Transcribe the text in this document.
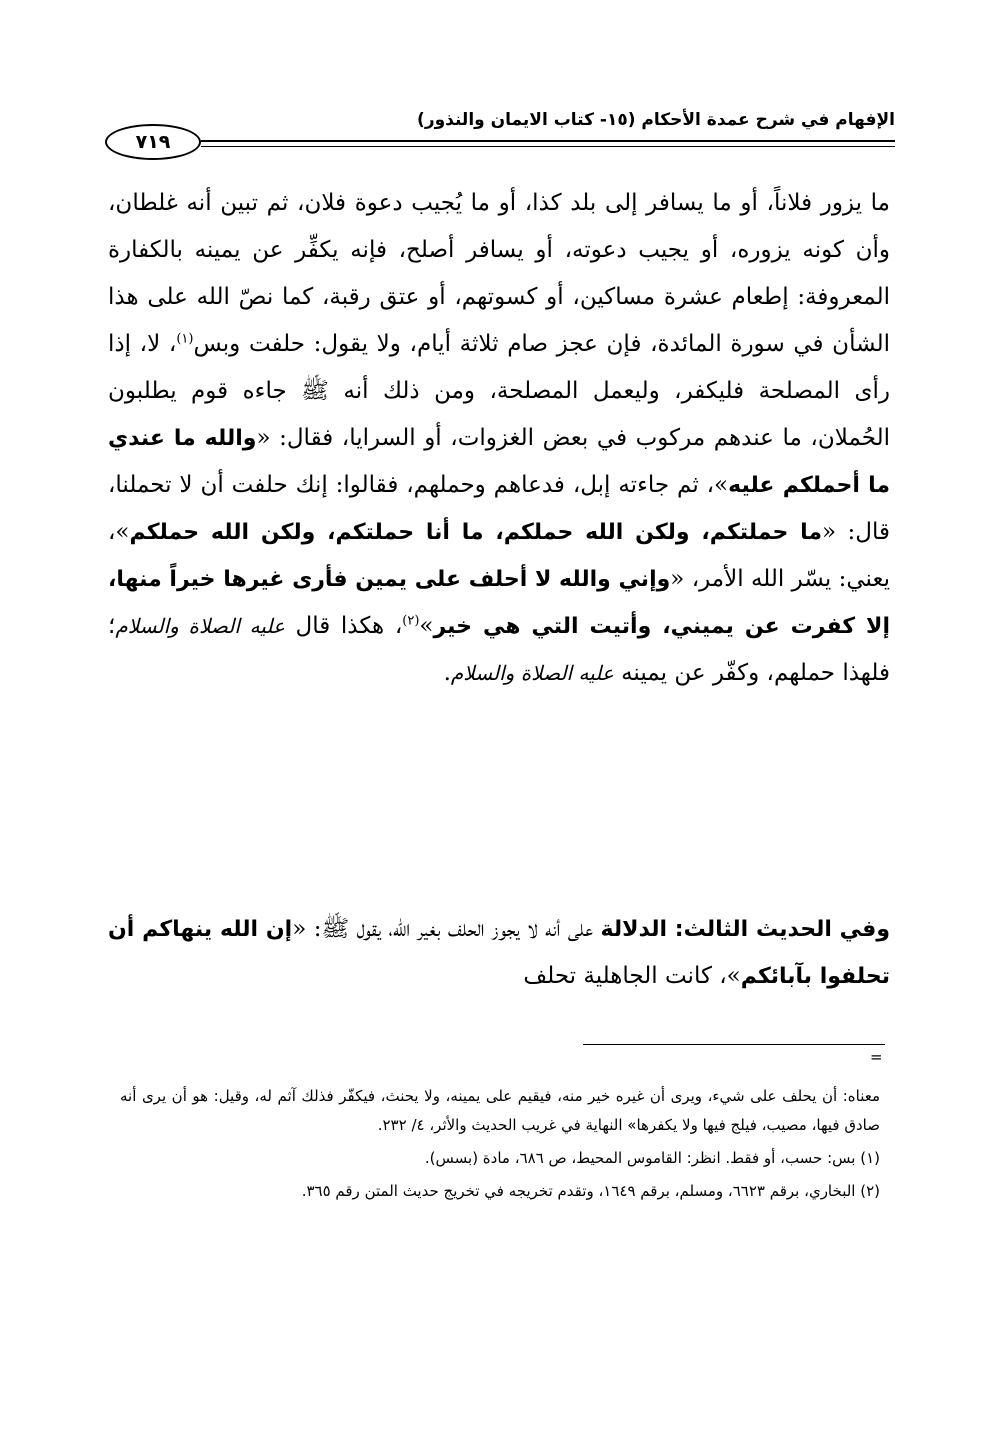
الإفهام في شرح عمدة الأحكام (١٥- كتاب الايمان والنذور)
٧١٩

ما يزور فلاناً، أو ما يسافر إلى بلد كذا، أو ما يُجيب دعوة فلان، ثم تبين أنه غلطان، وأن كونه يزوره، أو يجيب دعوته، أو يسافر أصلح، فإنه يكفِّر عن يمينه بالكفارة المعروفة: إطعام عشرة مساكين، أو كسوتهم، أو عتق رقبة، كما نصّ الله على هذا الشأن في سورة المائدة، فإن عجز صام ثلاثة أيام، ولا يقول: حلفت وبس$^{(١)}$، لا، إذا رأى المصلحة فليكفر، وليعمل المصلحة، ومن ذلك أنه ﷺ جاءه قوم يطلبون الحُملان، ما عندهم مركوب في بعض الغزوات، أو السرايا، فقال: «والله ما عندي ما أحملكم عليه»، ثم جاءته إبل، فدعاهم وحملهم، فقالوا: إنك حلفت أن لا تحملنا، قال: «ما حملتكم، ولكن الله حملكم، ما أنا حملتكم، ولكن الله حملكم»، يعني: يسّر الله الأمر، «وإني والله لا أحلف على يمين فأرى غيرها خيراً منها، إلا كفرت عن يميني، وأتيت التي هي خير»$^{(٢)}$، هكذا قال عليه الصلاة والسلام؛ فلهذا حملهم، وكفّر عن يمينه عليه الصلاة والسلام.

وفي الحديث الثالث: الدلالة على أنه لا يجوز الحلف بغير الله، يقول ﷺ: «إن الله ينهاكم أن تحلفوا بآبائكم»، كانت الجاهلية تحلف

=

معناه: أن يحلف على شيء، ويرى أن غيره خير منه، فيقيم على يمينه، ولا يحنث، فيكفّر فذلك آثم له، وقيل: هو أن يرى أنه صادق فيها، مصيب، فيلج فيها ولا يكفرها» النهاية في غريب الحديث والأثر، ٤/ ٢٣٢.

(١) بس: حسب، أو فقط. انظر: القاموس المحيط، ص ٦٨٦، مادة (بسس).

(٢) البخاري، برقم ٦٦٢٣، ومسلم، برقم ١٦٤٩، وتقدم تخريجه في تخريج حديث المتن رقم ٣٦٥.
